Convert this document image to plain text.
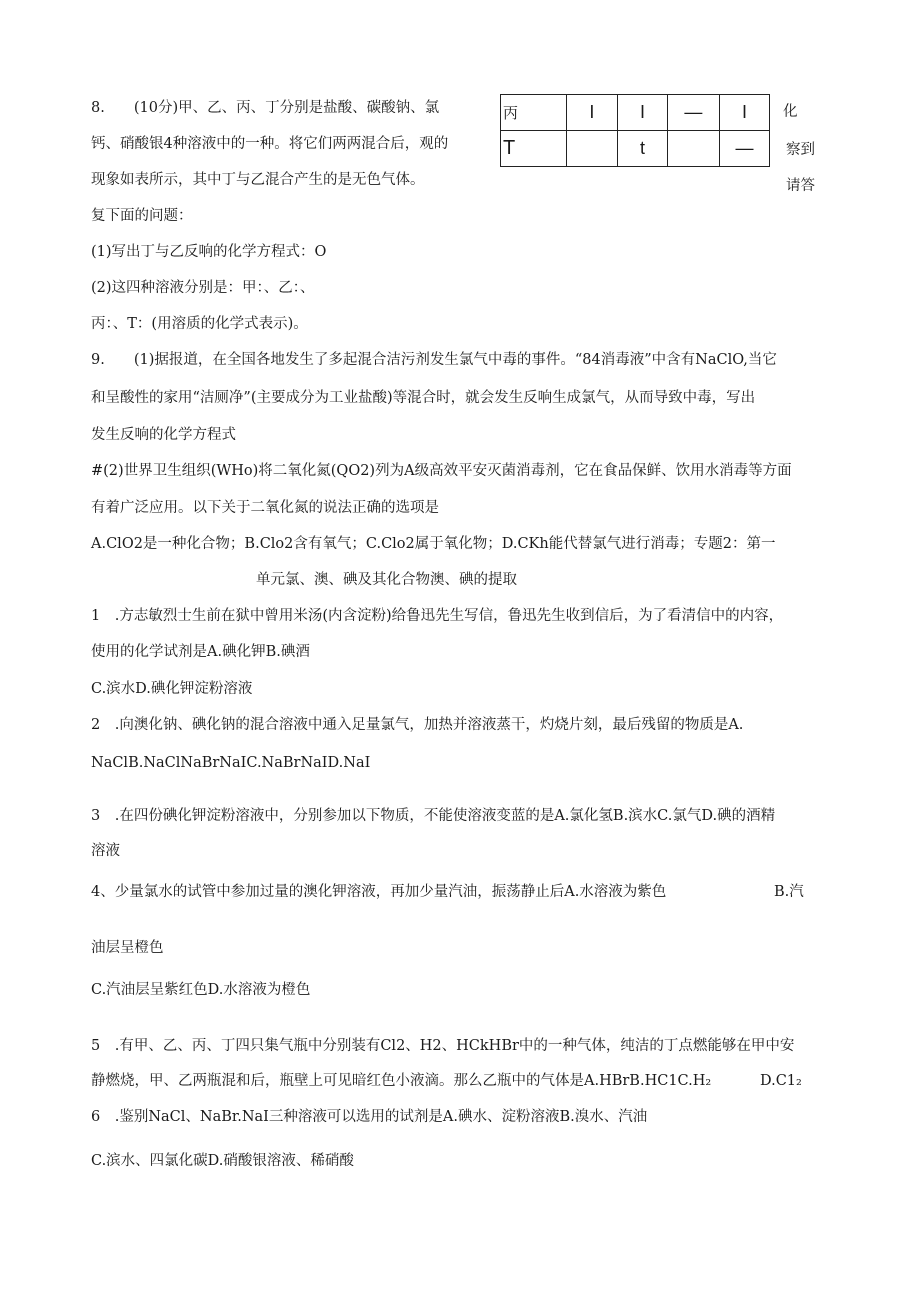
8.　　(10分)甲、乙、丙、丁分别是盐酸、碳酸钠、氯
钙、硝酸银4种溶液中的一种。将它们两两混合后，观的
现象如表所示，其中丁与乙混合产生的是无色气体。
复下面的问题：
(1)写出丁与乙反响的化学方程式：O
(2)这四种溶液分别是：甲：、乙：、
丙：、T：(用溶质的化学式表示)。
丙	I	I	—	I
T		t		—
化
察到
请答
9.　　(1)据报道，在全国各地发生了多起混合洁污剂发生氯气中毒的事件。“84消毒液”中含有NaClO,当它
和呈酸性的家用“洁厕净”(主要成分为工业盐酸)等混合时，就会发生反响生成氯气，从而导致中毒，写出
发生反响的化学方程式
#(2)世界卫生组织(WHo)将二氧化氮(QO2)列为A级高效平安灭菌消毒剂，它在食品保鲜、饮用水消毒等方面
有着广泛应用。以下关于二氧化氮的说法正确的选项是
A.ClO2是一种化合物；B.Clo2含有氧气；C.Clo2属于氧化物；D.CKh能代替氯气进行消毒；专题2：第一
单元氯、澳、碘及其化合物澳、碘的提取
1　.方志敏烈士生前在狱中曾用米汤(内含淀粉)给鲁迅先生写信，鲁迅先生收到信后，为了看清信中的内容，
使用的化学试剂是A.碘化钾B.碘酒
C.滨水D.碘化钾淀粉溶液
2　.向澳化钠、碘化钠的混合溶液中通入足量氯气，加热并溶液蒸干，灼烧片刻，最后残留的物质是A.
NaClB.NaClNaBrNaIC.NaBrNaID.NaI
3　.在四份碘化钾淀粉溶液中，分别参加以下物质，不能使溶液变蓝的是A.氯化氢B.滨水C.氯气D.碘的酒精
溶液
4、少量氯水的试管中参加过量的澳化钾溶液，再加少量汽油，振荡静止后A.水溶液为紫色	B.汽
油层呈橙色
C.汽油层呈紫红色D.水溶液为橙色
5　.有甲、乙、丙、丁四只集气瓶中分别装有Cl2、H2、HCkHBr中的一种气体，纯洁的丁点燃能够在甲中安
静燃烧，甲、乙两瓶混和后，瓶壁上可见暗红色小液滴。那么乙瓶中的气体是A.HBrB.HC1C.H₂	D.C1₂
6　.鉴别NaCl、NaBr.NaI三种溶液可以选用的试剂是A.碘水、淀粉溶液B.溴水、汽油
C.滨水、四氯化碳D.硝酸银溶液、稀硝酸
